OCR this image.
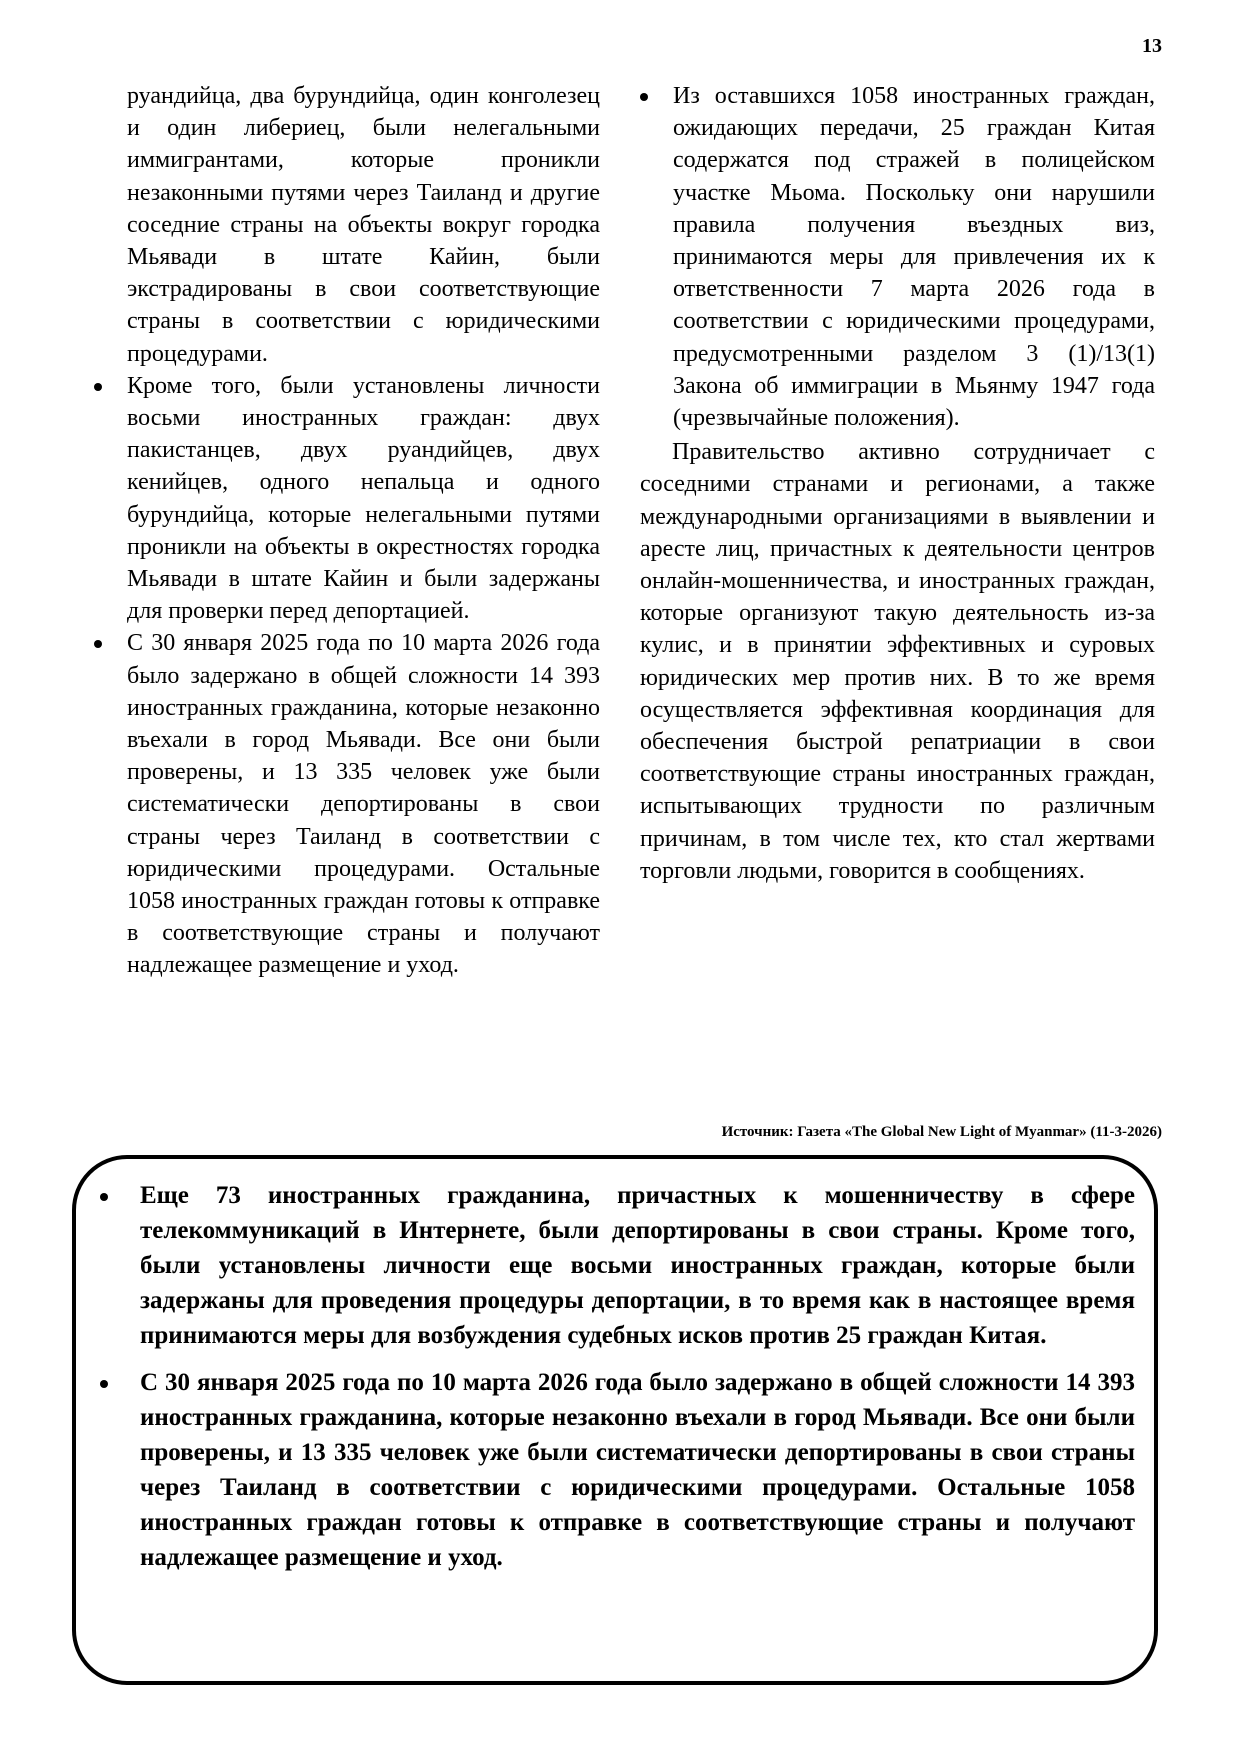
13

руандийца, два бурундийца, один конголезец и один либериец, были нелегальными иммигрантами, которые проникли незаконными путями через Таиланд и другие соседние страны на объекты вокруг городка Мьявади в штате Кайин, были экстрадированы в свои соответствующие страны в соответствии с юридическими процедурами.

Кроме того, были установлены личности восьми иностранных граждан: двух пакистанцев, двух руандийцев, двух кенийцев, одного непальца и одного бурундийца, которые нелегальными путями проникли на объекты в окрестностях городка Мьявади в штате Кайин и были задержаны для проверки перед депортацией.
С 30 января 2025 года по 10 марта 2026 года было задержано в общей сложности 14 393 иностранных гражданина, которые незаконно въехали в город Мьявади. Все они были проверены, и 13 335 человек уже были систематически депортированы в свои страны через Таиланд в соответствии с юридическими процедурами. Остальные 1058 иностранных граждан готовы к отправке в соответствующие страны и получают надлежащее размещение и уход.
Из оставшихся 1058 иностранных граждан, ожидающих передачи, 25 граждан Китая содержатся под стражей в полицейском участке Мьома. Поскольку они нарушили правила получения въездных виз, принимаются меры для привлечения их к ответственности 7 марта 2026 года в соответствии с юридическими процедурами, предусмотренными разделом 3 (1)/13(1) Закона об иммиграции в Мьянму 1947 года (чрезвычайные положения).

Правительство активно сотрудничает с соседними странами и регионами, а также международными организациями в выявлении и аресте лиц, причастных к деятельности центров онлайн-мошенничества, и иностранных граждан, которые организуют такую деятельность из-за кулис, и в принятии эффективных и суровых юридических мер против них. В то же время осуществляется эффективная координация для обеспечения быстрой репатриации в свои соответствующие страны иностранных граждан, испытывающих трудности по различным причинам, в том числе тех, кто стал жертвами торговли людьми, говорится в сообщениях.

Источник: Газета «The Global New Light of Myanmar» (11-3-2026)
Еще 73 иностранных гражданина, причастных к мошенничеству в сфере телекоммуникаций в Интернете, были депортированы в свои страны. Кроме того, были установлены личности еще восьми иностранных граждан, которые были задержаны для проведения процедуры депортации, в то время как в настоящее время принимаются меры для возбуждения судебных исков против 25 граждан Китая.
С 30 января 2025 года по 10 марта 2026 года было задержано в общей сложности 14 393 иностранных гражданина, которые незаконно въехали в город Мьявади. Все они были проверены, и 13 335 человек уже были систематически депортированы в свои страны через Таиланд в соответствии с юридическими процедурами. Остальные 1058 иностранных граждан готовы к отправке в соответствующие страны и получают надлежащее размещение и уход.
